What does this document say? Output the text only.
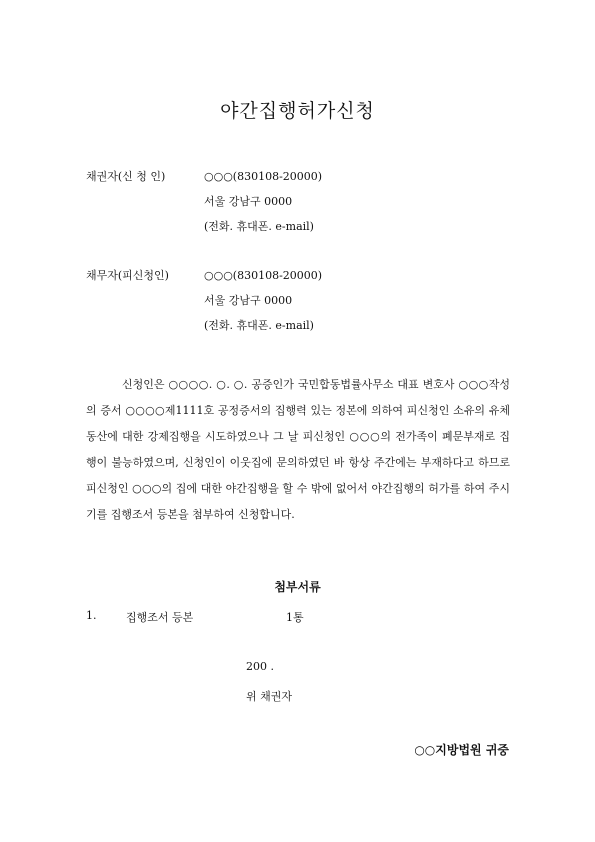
야간집행허가신청
채권자(신 청 인)	○○○(830108-20000)
서울 강남구 0000
(전화. 휴대폰. e-mail)
채무자(피신청인)	○○○(830108-20000)
서울 강남구 0000
(전화. 휴대폰. e-mail)
신청인은 ○○○○. ○. ○. 공증인가 국민합동법률사무소 대표 변호사 ○○○작성의 증서 ○○○○제1111호 공정증서의 집행력 있는 정본에 의하여 피신청인 소유의 유체동산에 대한 강제집행을 시도하였으나 그 날 피신청인 ○○○의 전가족이 폐문부재로 집행이 불능하였으며, 신청인이 이웃집에 문의하였던 바 항상 주간에는 부재하다고 하므로 피신청인 ○○○의 집에 대한 야간집행을 할 수 밖에 없어서 야간집행의 허가를 하여 주시기를 집행조서 등본을 첨부하여 신청합니다.
첨부서류
1.	집행조서 등본	1통
200 .
위 채권자
○○지방법원 귀중
